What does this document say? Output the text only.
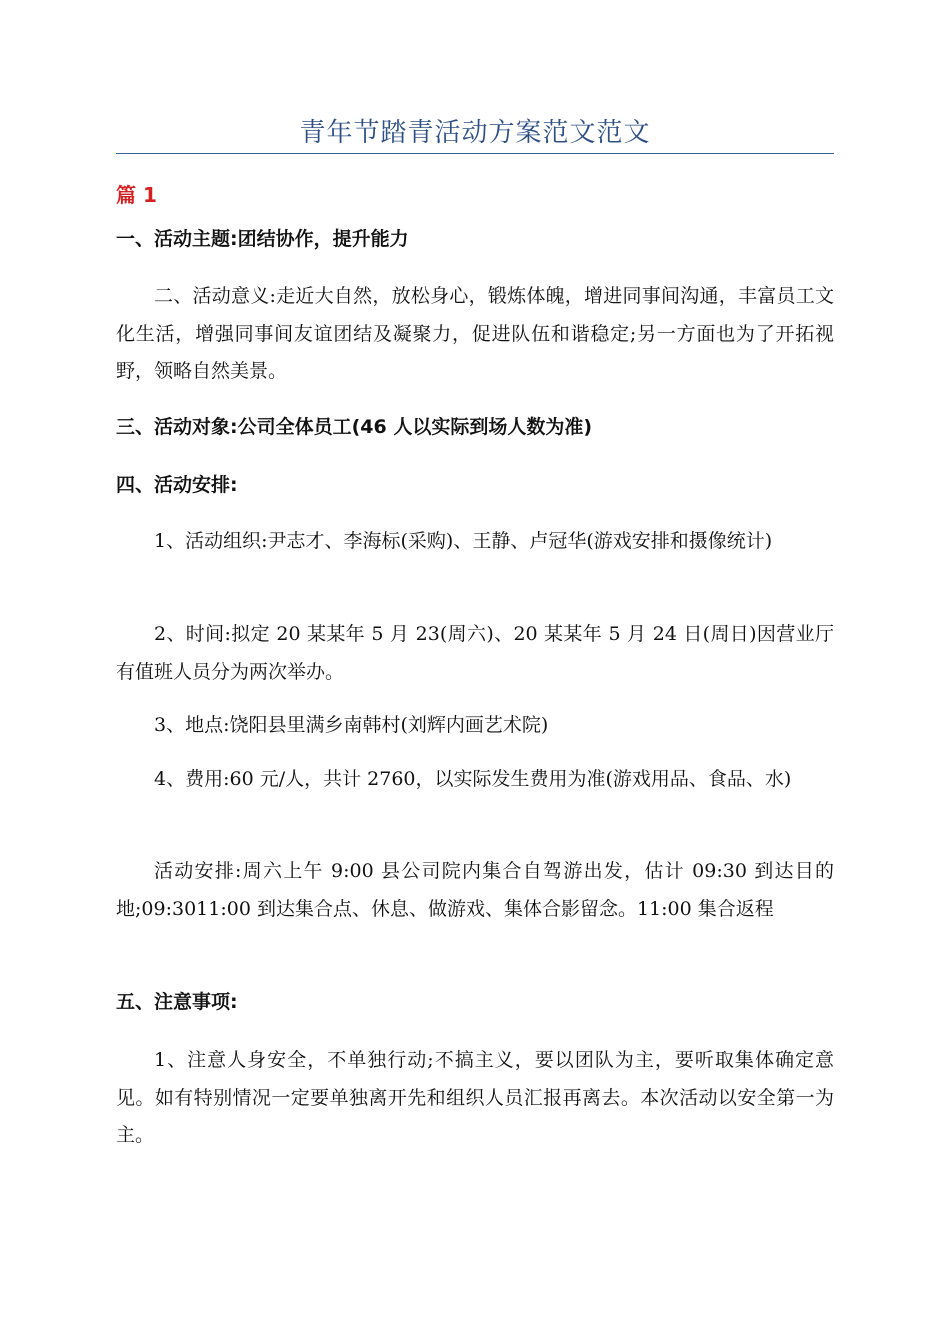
青年节踏青活动方案范文范文
篇 1
一、活动主题:团结协作，提升能力
二、活动意义:走近大自然，放松身心，锻炼体魄，增进同事间沟通，丰富员工文化生活，增强同事间友谊团结及凝聚力，促进队伍和谐稳定;另一方面也为了开拓视野，领略自然美景。
三、活动对象:公司全体员工(46 人以实际到场人数为准)
四、活动安排:
1、活动组织:尹志才、李海标(采购)、王静、卢冠华(游戏安排和摄像统计)
2、时间:拟定 20 某某年 5 月 23(周六)、20 某某年 5 月 24 日(周日)因营业厅有值班人员分为两次举办。
3、地点:饶阳县里满乡南韩村(刘辉内画艺术院)
4、费用:60 元/人，共计 2760，以实际发生费用为准(游戏用品、食品、水)
活动安排:周六上午 9:00 县公司院内集合自驾游出发，估计 09:30 到达目的地;09:3011:00 到达集合点、休息、做游戏、集体合影留念。11:00 集合返程
五、注意事项:
1、注意人身安全，不单独行动;不搞主义，要以团队为主，要听取集体确定意见。如有特别情况一定要单独离开先和组织人员汇报再离去。本次活动以安全第一为主。
